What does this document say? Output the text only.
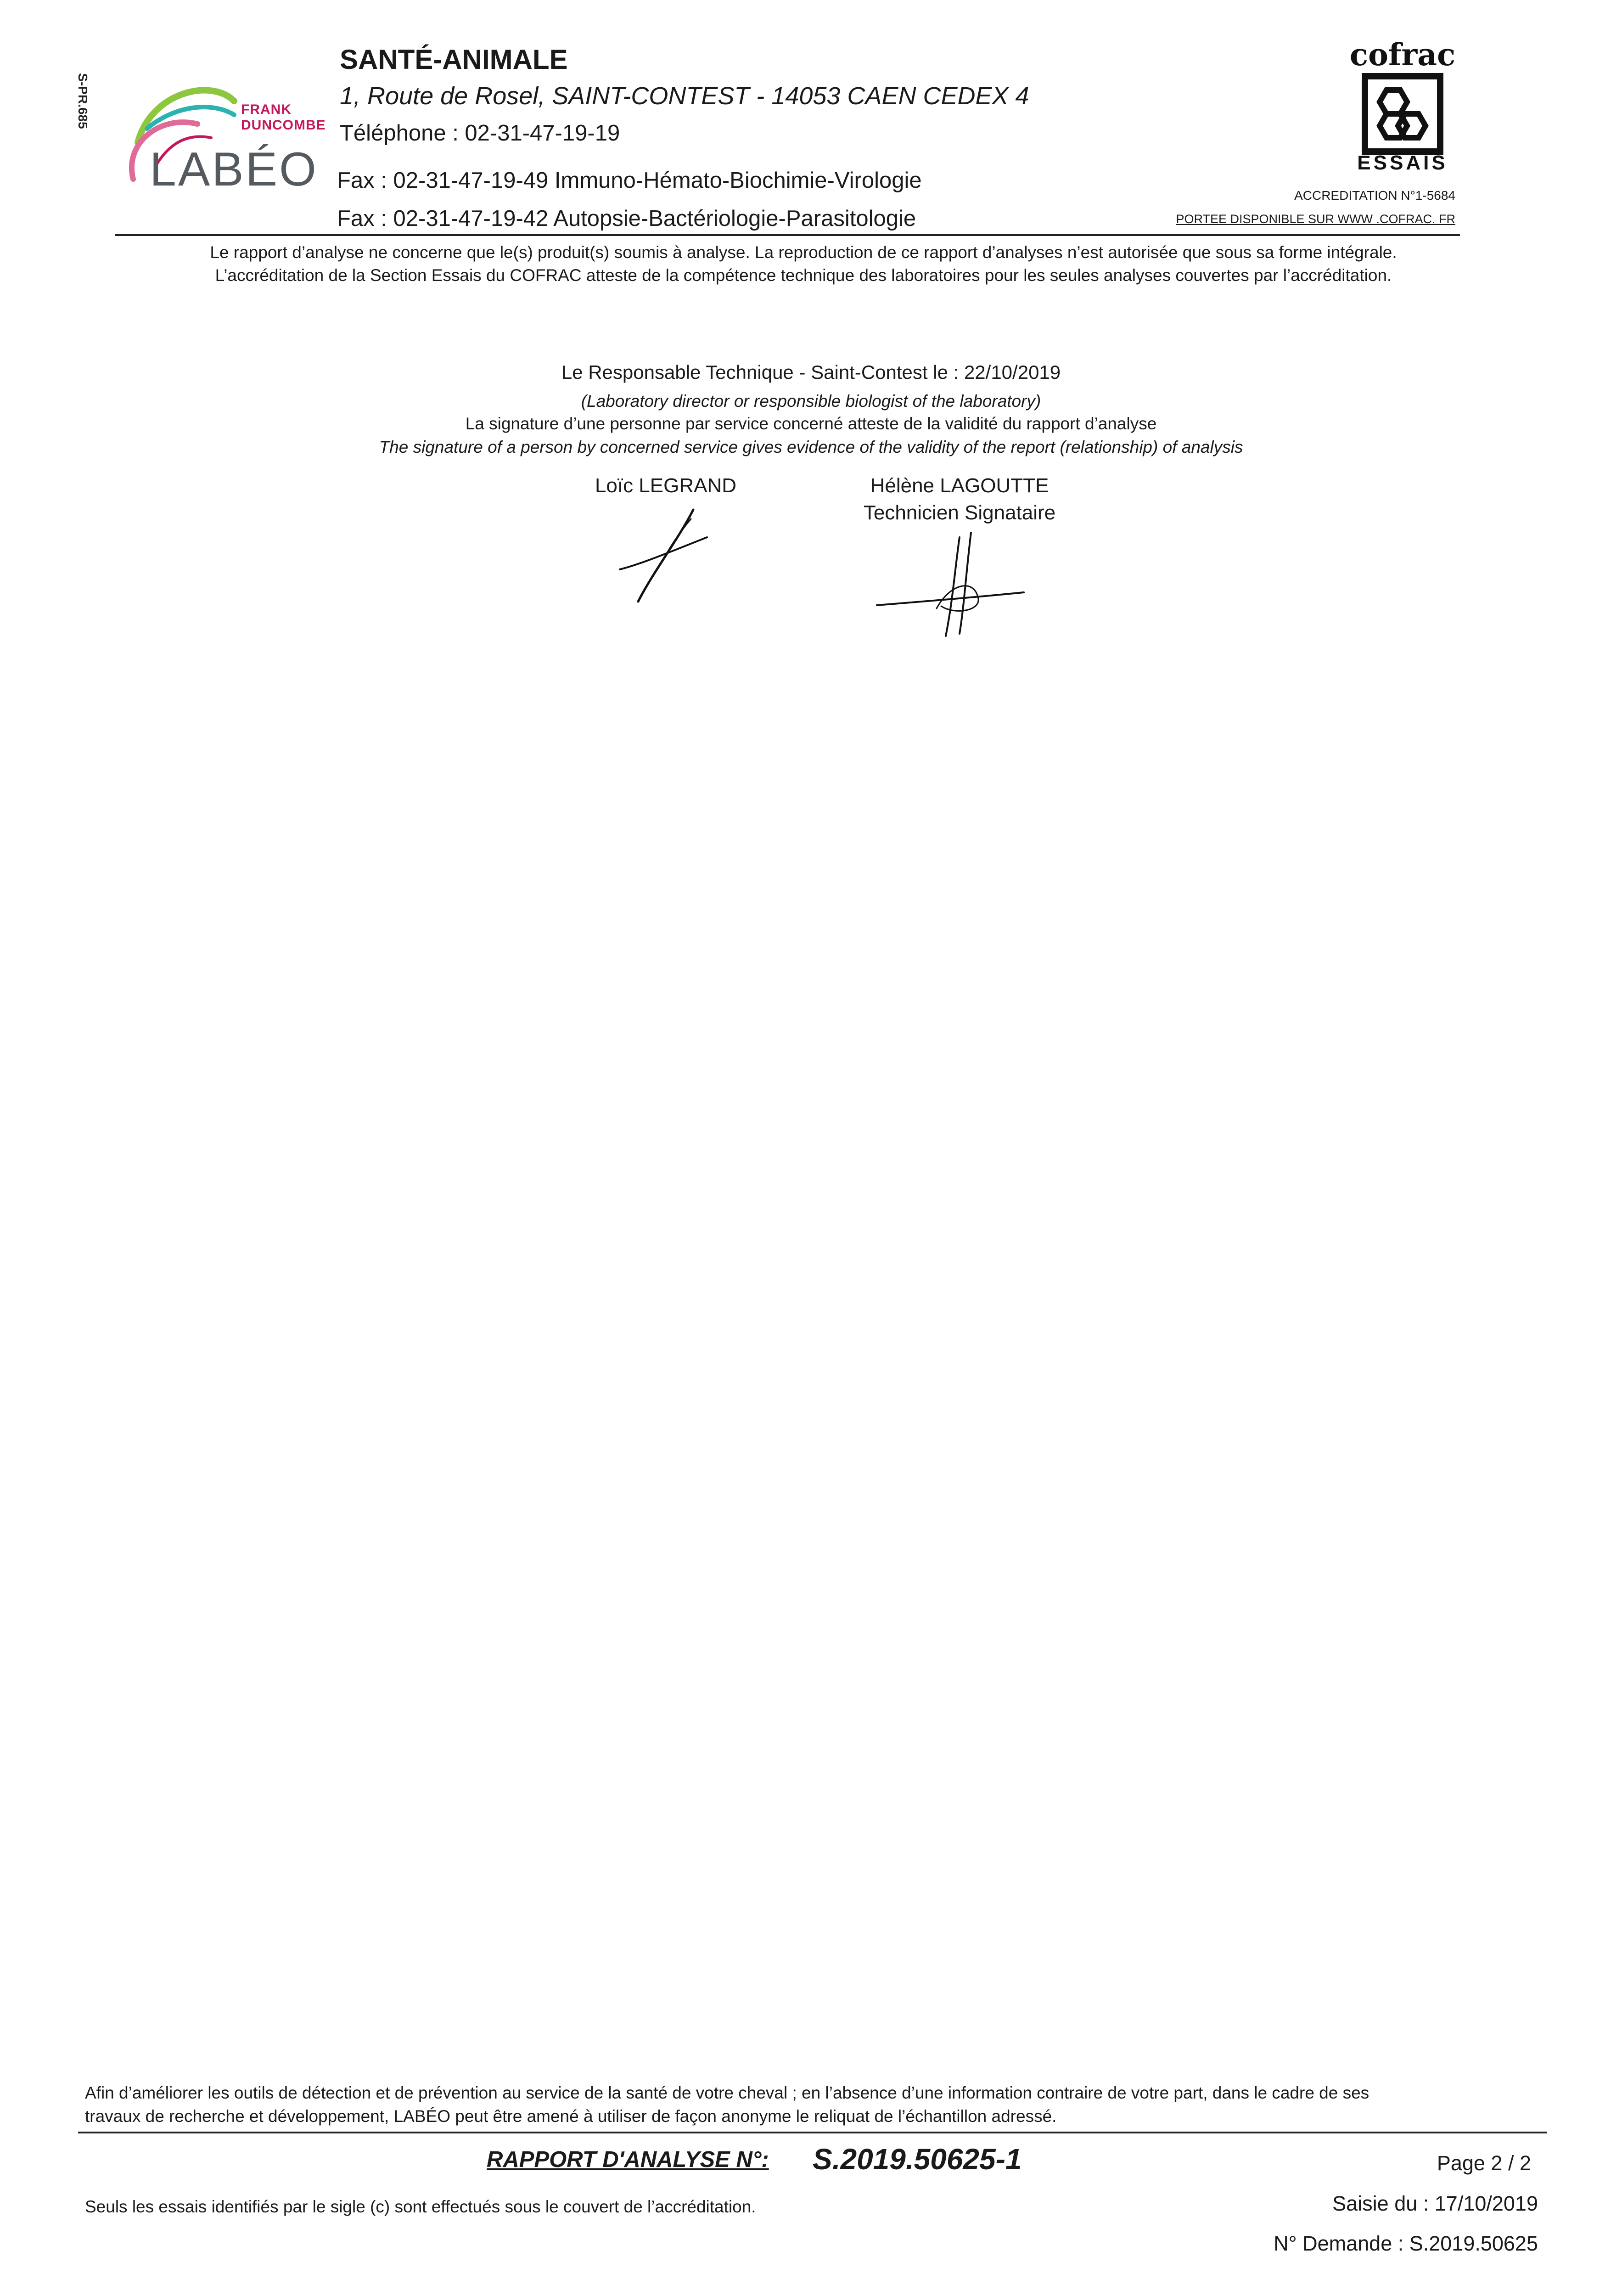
S-PR.685	FRANK
DUNCOMBE
LABÉO
SANTÉ-ANIMALE
1, Route de Rosel, SAINT-CONTEST - 14053 CAEN CEDEX 4
Téléphone : 02-31-47-19-19
Fax : 02-31-47-19-49 Immuno-Hémato-Biochimie-Virologie
Fax : 02-31-47-19-42 Autopsie-Bactériologie-Parasitologie
cofrac
ESSAIS
ACCREDITATION N°1-5684
PORTEE DISPONIBLE SUR WWW .COFRAC. FR
Le rapport d’analyse ne concerne que le(s) produit(s) soumis à analyse. La reproduction de ce rapport d’analyses n’est autorisée que sous sa forme intégrale.
L’accréditation de la Section Essais du COFRAC atteste de la compétence technique des laboratoires pour les seules analyses couvertes par l’accréditation.
Le Responsable Technique - Saint-Contest le : 22/10/2019
(Laboratory director or responsible biologist of the laboratory)
La signature d’une personne par service concerné atteste de la validité du rapport d’analyse
The signature of a person by concerned service gives evidence of the validity of the report (relationship) of analysis
Loïc LEGRAND	Hélène LAGOUTTE
Technicien Signataire
Afin d’améliorer les outils de détection et de prévention au service de la santé de votre cheval ; en l’absence d’une information contraire de votre part, dans le cadre de ses
travaux de recherche et développement, LABÉO peut être amené à utiliser de façon anonyme le reliquat de l’échantillon adressé.
RAPPORT D'ANALYSE N°: S.2019.50625-1	Page 2 / 2
Seuls les essais identifiés par le sigle (c) sont effectués sous le couvert de l’accréditation.	Saisie du : 17/10/2019
N° Demande : S.2019.50625
